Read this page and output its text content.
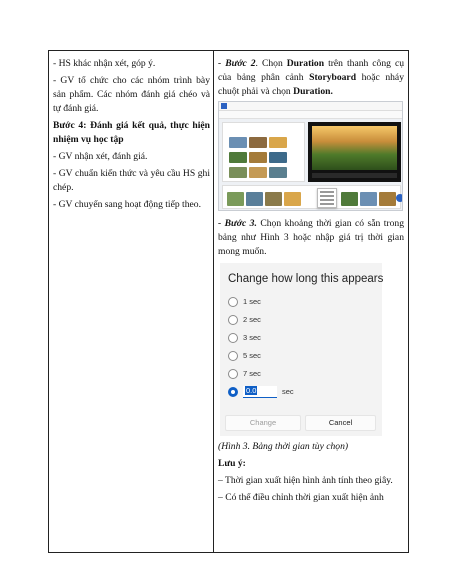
- HS khác nhận xét, góp ý.

- GV tổ chức cho các nhóm trình bày sản phẩm. Các nhóm đánh giá chéo và tự đánh giá.

Bước 4: Đánh giá kết quả, thực hiện nhiệm vụ học tập

- GV nhận xét, đánh giá.

- GV chuẩn kiến thức và yêu cầu HS ghi chép.

- GV chuyển sang hoạt động tiếp theo.

- Bước 2. Chọn Duration trên thanh công cụ của bảng phân cảnh Storyboard hoặc nháy chuột phải và chọn Duration.

- Bước 3. Chọn khoảng thời gian có sẵn trong bảng như Hình 3 hoặc nhập giá trị thời gian mong muốn.

Change how long this appears
1 sec
2 sec
3 sec
5 sec
7 sec
0.0	sec
Change	Cancel

(Hình 3. Bảng thời gian tùy chọn)

Lưu ý:

– Thời gian xuất hiện hình ảnh tính theo giây.

– Có thể điều chỉnh thời gian xuất hiện ảnh
